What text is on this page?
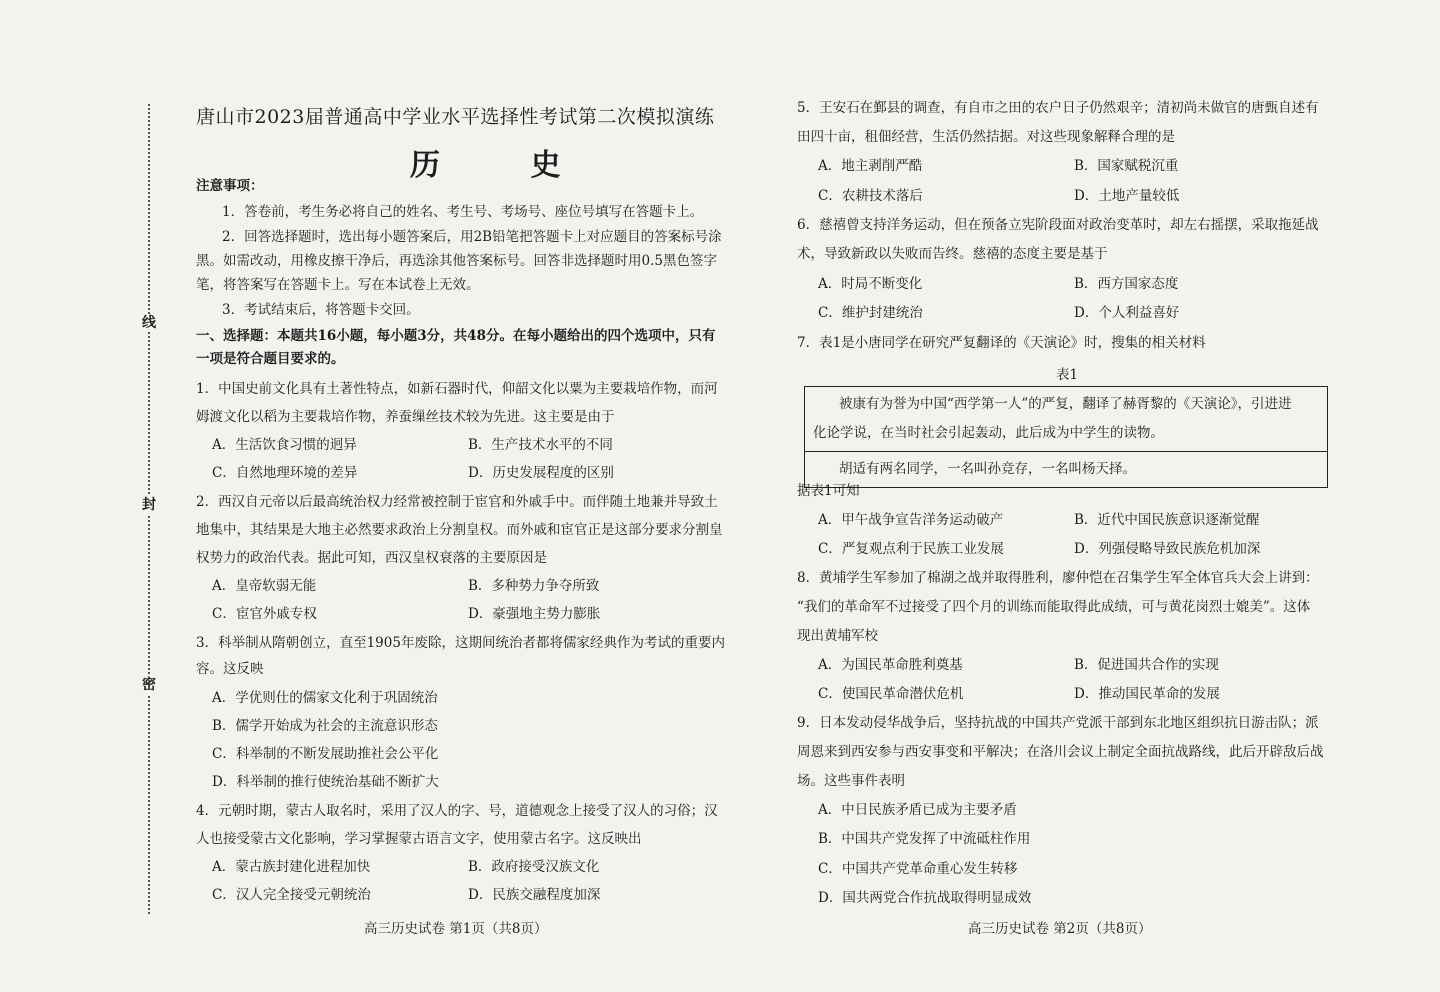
线
封
密
唐山市2023届普通高中学业水平选择性考试第二次模拟演练
历 史
注意事项：
1．答卷前，考生务必将自己的姓名、考生号、考场号、座位号填写在答题卡上。
2．回答选择题时，选出每小题答案后，用2B铅笔把答题卡上对应题目的答案标号涂
黑。如需改动，用橡皮擦干净后，再选涂其他答案标号。回答非选择题时用0.5黑色签字
笔，将答案写在答题卡上。写在本试卷上无效。
3．考试结束后，将答题卡交回。
一、选择题：本题共16小题，每小题3分，共48分。在每小题给出的四个选项中，只有
一项是符合题目要求的。
1．中国史前文化具有土著性特点，如新石器时代，仰韶文化以粟为主要栽培作物，而河
姆渡文化以稻为主要栽培作物，养蚕缫丝技术较为先进。这主要是由于
A．生活饮食习惯的迥异	B．生产技术水平的不同
C．自然地理环境的差异	D．历史发展程度的区别
2．西汉自元帝以后最高统治权力经常被控制于宦官和外戚手中。而伴随土地兼并导致土
地集中，其结果是大地主必然要求政治上分割皇权。而外戚和宦官正是这部分要求分割皇
权势力的政治代表。据此可知，西汉皇权衰落的主要原因是
A．皇帝软弱无能	B．多种势力争夺所致
C．宦官外戚专权	D．豪强地主势力膨胀
3．科举制从隋朝创立，直至1905年废除，这期间统治者都将儒家经典作为考试的重要内
容。这反映
A．学优则仕的儒家文化利于巩固统治
B．儒学开始成为社会的主流意识形态
C．科举制的不断发展助推社会公平化
D．科举制的推行使统治基础不断扩大
4．元朝时期，蒙古人取名时，采用了汉人的字、号，道德观念上接受了汉人的习俗；汉
人也接受蒙古文化影响，学习掌握蒙古语言文字，使用蒙古名字。这反映出
A．蒙古族封建化进程加快	B．政府接受汉族文化
C．汉人完全接受元朝统治	D．民族交融程度加深
高三历史试卷 第1页（共8页）
5．王安石在鄞县的调查，有自市之田的农户日子仍然艰辛；清初尚未做官的唐甄自述有
田四十亩，租佃经营，生活仍然拮据。对这些现象解释合理的是
A．地主剥削严酷	B．国家赋税沉重
C．农耕技术落后	D．土地产量较低
6．慈禧曾支持洋务运动，但在预备立宪阶段面对政治变革时，却左右摇摆，采取拖延战
术，导致新政以失败而告终。慈禧的态度主要是基于
A．时局不断变化	B．西方国家态度
C．维护封建统治	D．个人利益喜好
7．表1是小唐同学在研究严复翻译的《天演论》时，搜集的相关材料
表1
被康有为誉为中国“西学第一人”的严复，翻译了赫胥黎的《天演论》，引进进
化论学说，在当时社会引起轰动，此后成为中学生的读物。

胡适有两名同学，一名叫孙竞存，一名叫杨天择。
据表1可知
A．甲午战争宣告洋务运动破产	B．近代中国民族意识逐渐觉醒
C．严复观点利于民族工业发展	D．列强侵略导致民族危机加深
8．黄埔学生军参加了棉湖之战并取得胜利，廖仲恺在召集学生军全体官兵大会上讲到：
“我们的革命军不过接受了四个月的训练而能取得此成绩，可与黄花岗烈士媲美”。这体
现出黄埔军校
A．为国民革命胜利奠基	B．促进国共合作的实现
C．使国民革命潜伏危机	D．推动国民革命的发展
9．日本发动侵华战争后，坚持抗战的中国共产党派干部到东北地区组织抗日游击队；派
周恩来到西安参与西安事变和平解决；在洛川会议上制定全面抗战路线，此后开辟敌后战
场。这些事件表明
A．中日民族矛盾已成为主要矛盾
B．中国共产党发挥了中流砥柱作用
C．中国共产党革命重心发生转移
D．国共两党合作抗战取得明显成效
高三历史试卷 第2页（共8页）
